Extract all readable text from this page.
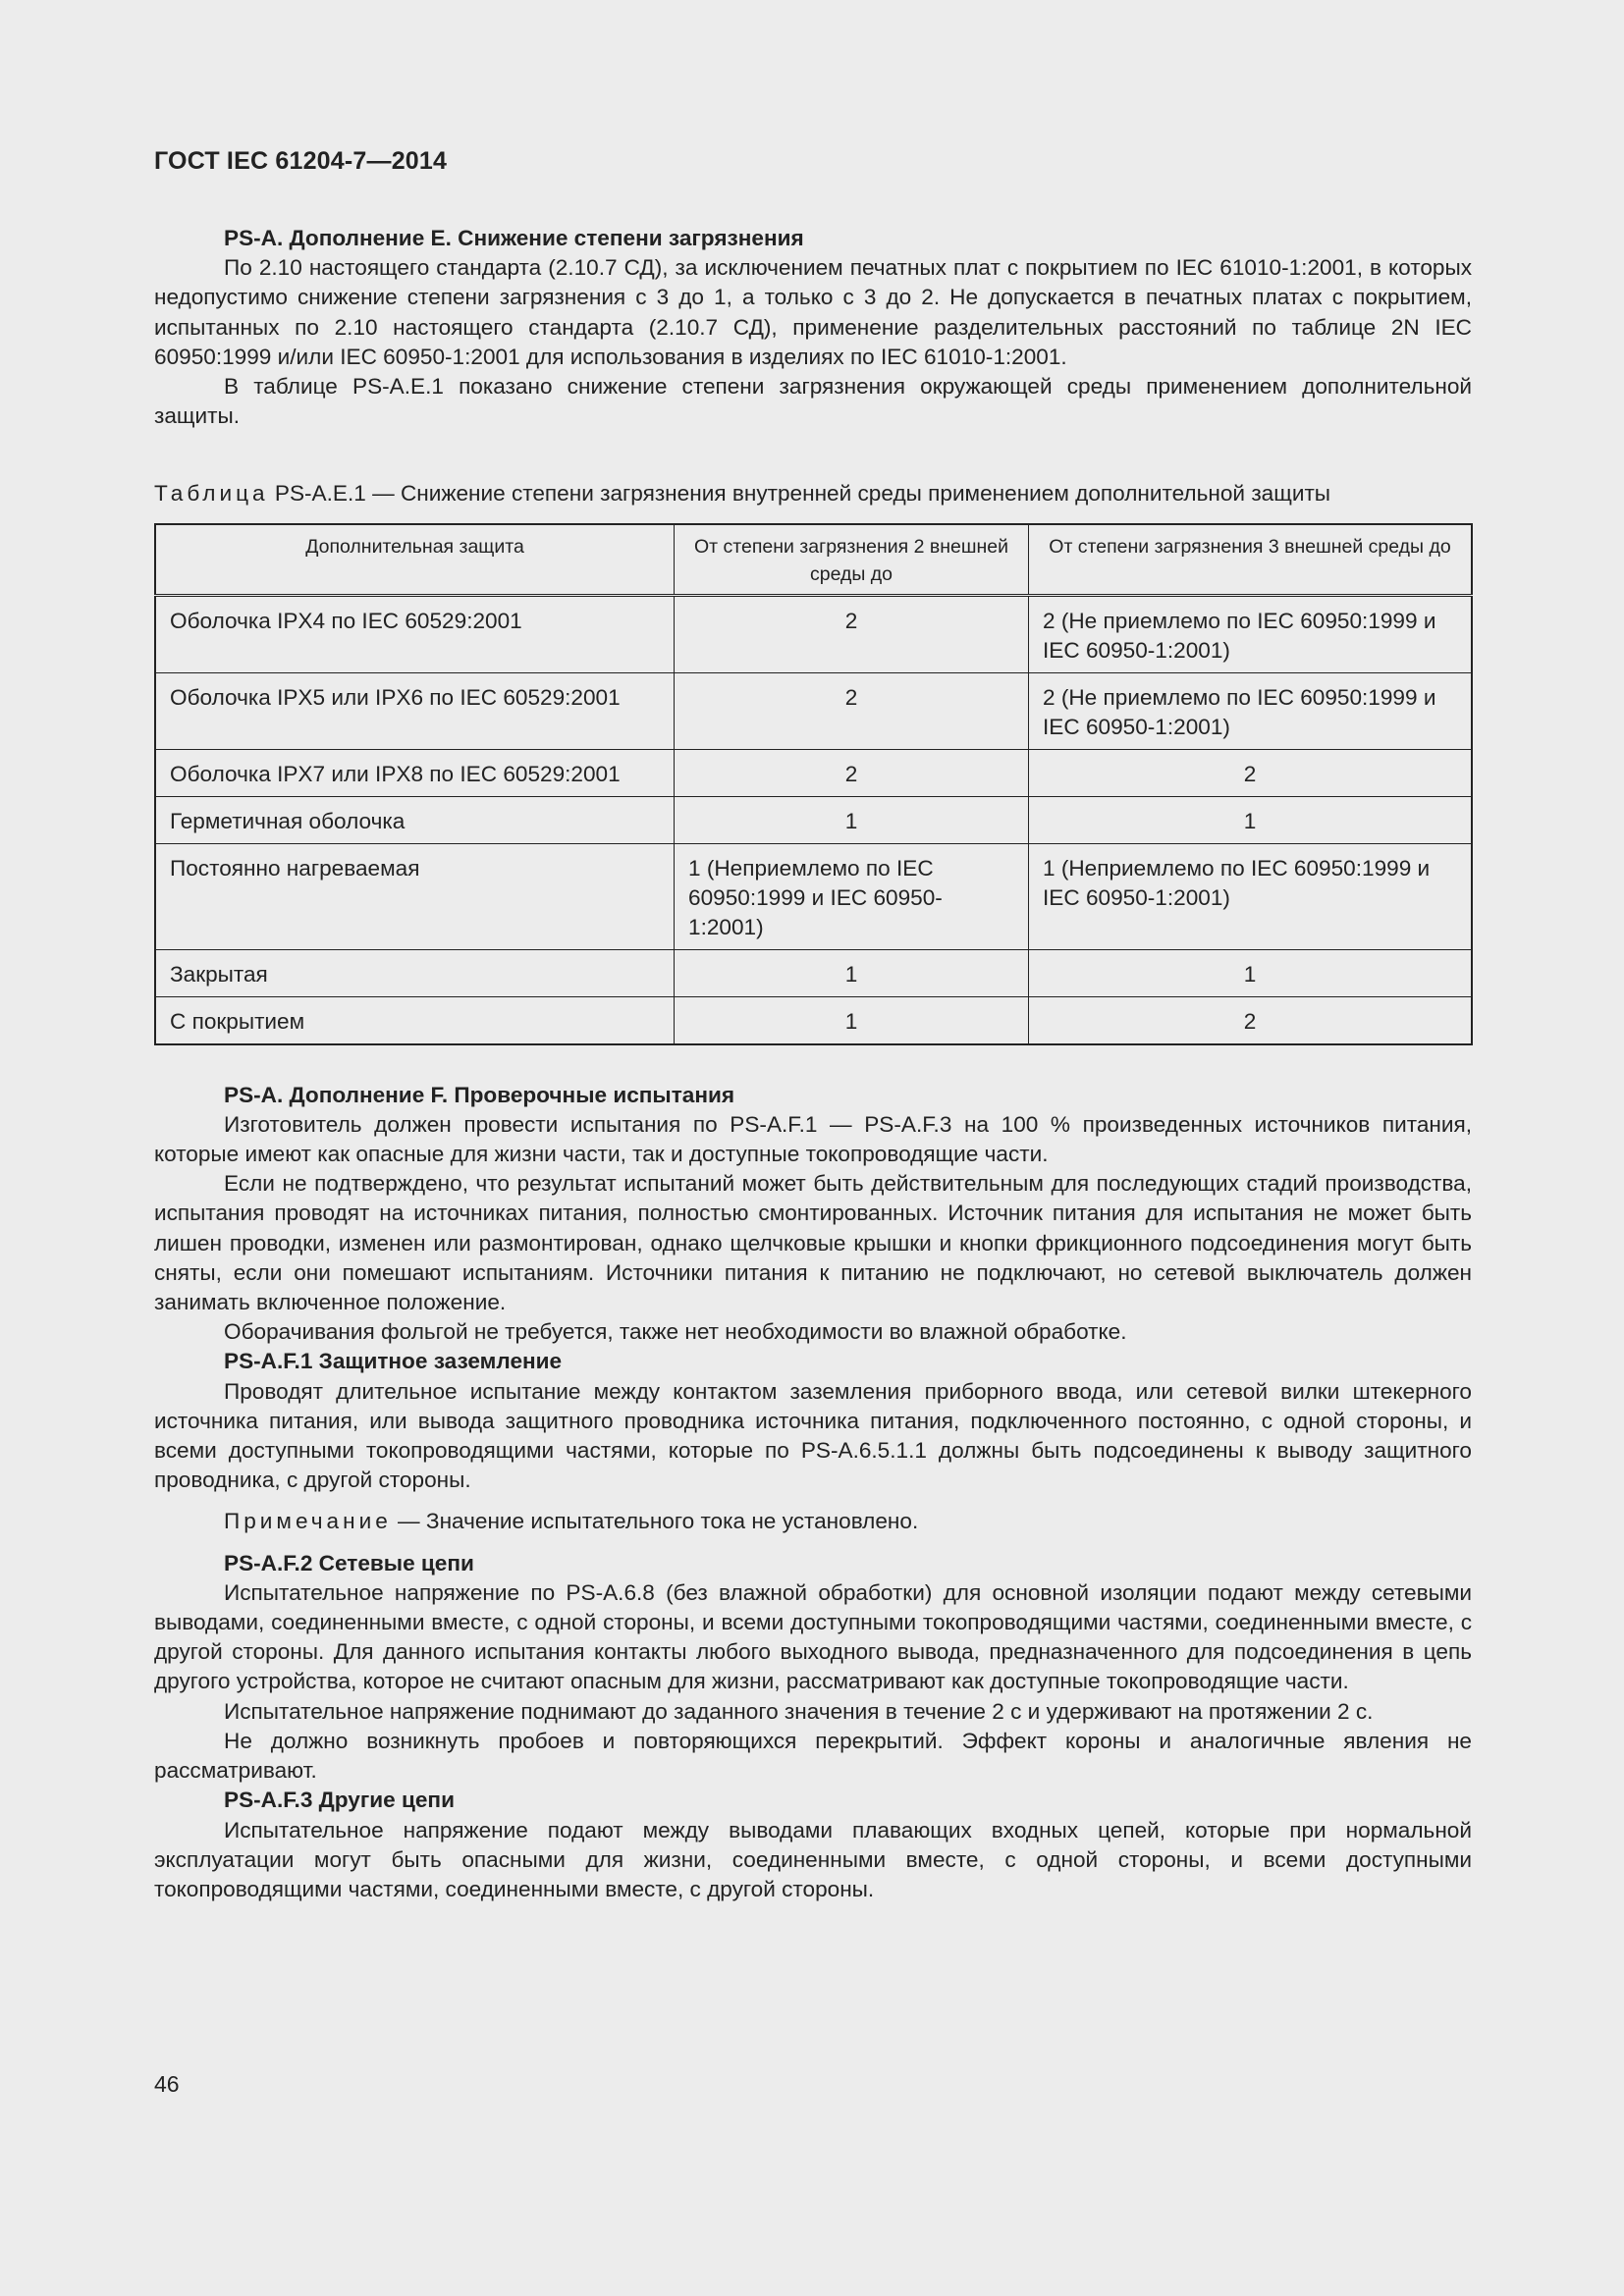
ГОСТ IEC 61204-7—2014

PS-A. Дополнение E. Снижение степени загрязнения

По 2.10 настоящего стандарта (2.10.7 СД), за исключением печатных плат с покрытием по IEC 61010-1:2001, в которых недопустимо снижение степени загрязнения с 3 до 1, а только с 3 до 2. Не допускается в печатных платах с покрытием, испытанных по 2.10 настоящего стандарта (2.10.7 СД), применение разделительных расстояний по таблице 2N IEC 60950:1999 и/или IEC 60950-1:2001 для использования в изделиях по IEC 61010-1:2001.

В таблице PS-A.E.1 показано снижение степени загрязнения окружающей среды применением дополнительной защиты.

Таблица PS-A.E.1 — Снижение степени загрязнения внутренней среды применением дополнительной защиты

Дополнительная защита	От степени загрязнения 2 внешней среды до	От степени загрязнения 3 внешней среды до
Оболочка IPX4 по IEC 60529:2001	2	2 (Не приемлемо по IEC 60950:1999 и IEC 60950-1:2001)
Оболочка IPX5 или IPX6 по IEC 60529:2001	2	2 (Не приемлемо по IEC 60950:1999 и IEC 60950-1:2001)
Оболочка IPX7 или IPX8 по IEC 60529:2001	2	2
Герметичная оболочка	1	1
Постоянно нагреваемая	1 (Неприемлемо по IEC 60950:1999 и IEC 60950-1:2001)	1 (Неприемлемо по IEC 60950:1999 и IEC 60950-1:2001)
Закрытая	1	1
С покрытием	1	2

PS-A. Дополнение F. Проверочные испытания

Изготовитель должен провести испытания по PS-A.F.1 — PS-A.F.3 на 100 % произведенных источников питания, которые имеют как опасные для жизни части, так и доступные токопроводящие части.

Если не подтверждено, что результат испытаний может быть действительным для последующих стадий производства, испытания проводят на источниках питания, полностью смонтированных. Источник питания для испытания не может быть лишен проводки, изменен или размонтирован, однако щелчковые крышки и кнопки фрикционного подсоединения могут быть сняты, если они помешают испытаниям. Источники питания к питанию не подключают, но сетевой выключатель должен занимать включенное положение.

Оборачивания фольгой не требуется, также нет необходимости во влажной обработке.

PS-A.F.1 Защитное заземление

Проводят длительное испытание между контактом заземления приборного ввода, или сетевой вилки штекерного источника питания, или вывода защитного проводника источника питания, подключенного постоянно, с одной стороны, и всеми доступными токопроводящими частями, которые по PS-A.6.5.1.1 должны быть подсоединены к выводу защитного проводника, с другой стороны.

Примечание — Значение испытательного тока не установлено.

PS-A.F.2 Сетевые цепи

Испытательное напряжение по PS-A.6.8 (без влажной обработки) для основной изоляции подают между сетевыми выводами, соединенными вместе, с одной стороны, и всеми доступными токопроводящими частями, соединенными вместе, с другой стороны. Для данного испытания контакты любого выходного вывода, предназначенного для подсоединения в цепь другого устройства, которое не считают опасным для жизни, рассматривают как доступные токопроводящие части.

Испытательное напряжение поднимают до заданного значения в течение 2 с и удерживают на протяжении 2 с.

Не должно возникнуть пробоев и повторяющихся перекрытий. Эффект короны и аналогичные явления не рассматривают.

PS-A.F.3 Другие цепи

Испытательное напряжение подают между выводами плавающих входных цепей, которые при нормальной эксплуатации могут быть опасными для жизни, соединенными вместе, с одной стороны, и всеми доступными токопроводящими частями, соединенными вместе, с другой стороны.

46
